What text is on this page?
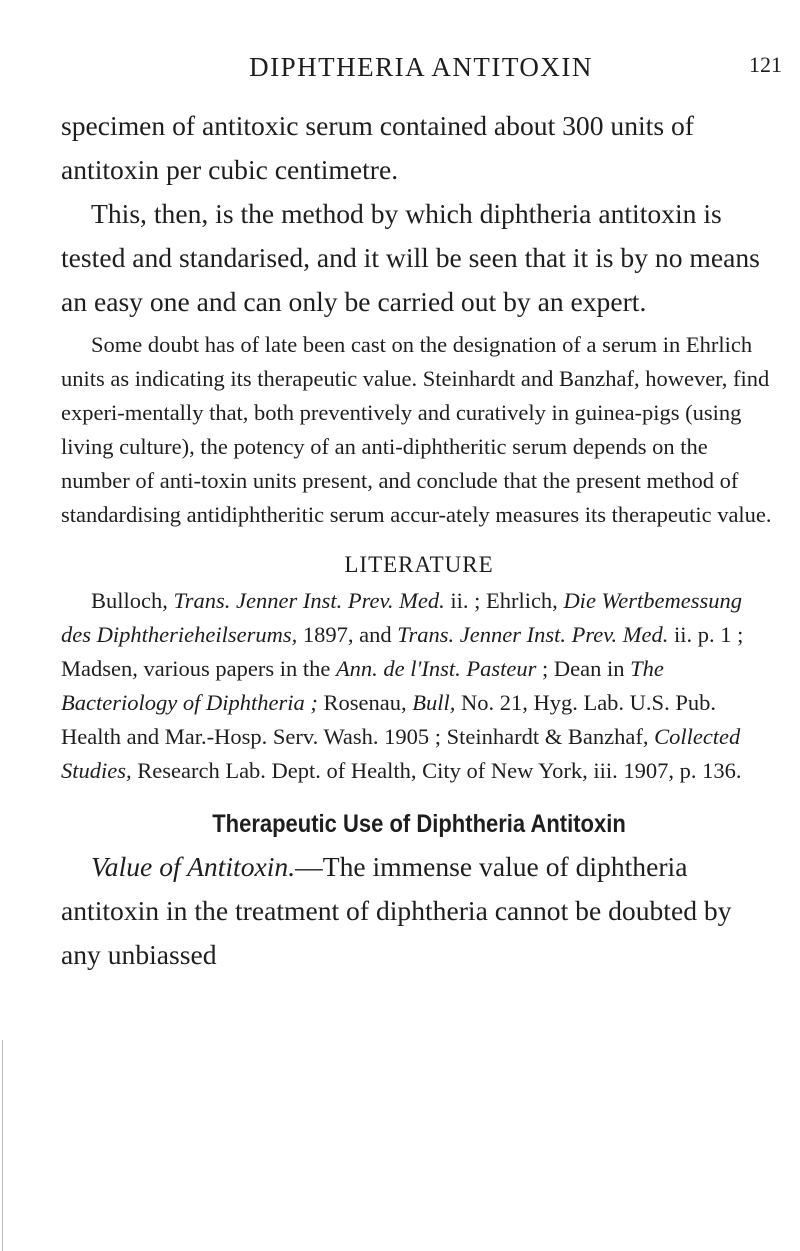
DIPHTHERIA ANTITOXIN	121

specimen of antitoxic serum contained about 300 units of antitoxin per cubic centimetre.

This, then, is the method by which diphtheria antitoxin is tested and standarised, and it will be seen that it is by no means an easy one and can only be carried out by an expert.

Some doubt has of late been cast on the designation of a serum in Ehrlich units as indicating its therapeutic value. Steinhardt and Banzhaf, however, find experi-mentally that, both preventively and curatively in guinea-pigs (using living culture), the potency of an anti-diphtheritic serum depends on the number of anti-toxin units present, and conclude that the present method of standardising antidiphtheritic serum accur-ately measures its therapeutic value.

LITERATURE

Bulloch, Trans. Jenner Inst. Prev. Med. ii. ; Ehrlich, Die Wertbemessung des Diphtherieheilserums, 1897, and Trans. Jenner Inst. Prev. Med. ii. p. 1 ; Madsen, various papers in the Ann. de l'Inst. Pasteur ; Dean in The Bacteriology of Diphtheria ; Rosenau, Bull, No. 21, Hyg. Lab. U.S. Pub. Health and Mar.-Hosp. Serv. Wash. 1905 ; Steinhardt & Banzhaf, Collected Studies, Research Lab. Dept. of Health, City of New York, iii. 1907, p. 136.

Therapeutic Use of Diphtheria Antitoxin

Value of Antitoxin.—The immense value of diphtheria antitoxin in the treatment of diphtheria cannot be doubted by any unbiassed
